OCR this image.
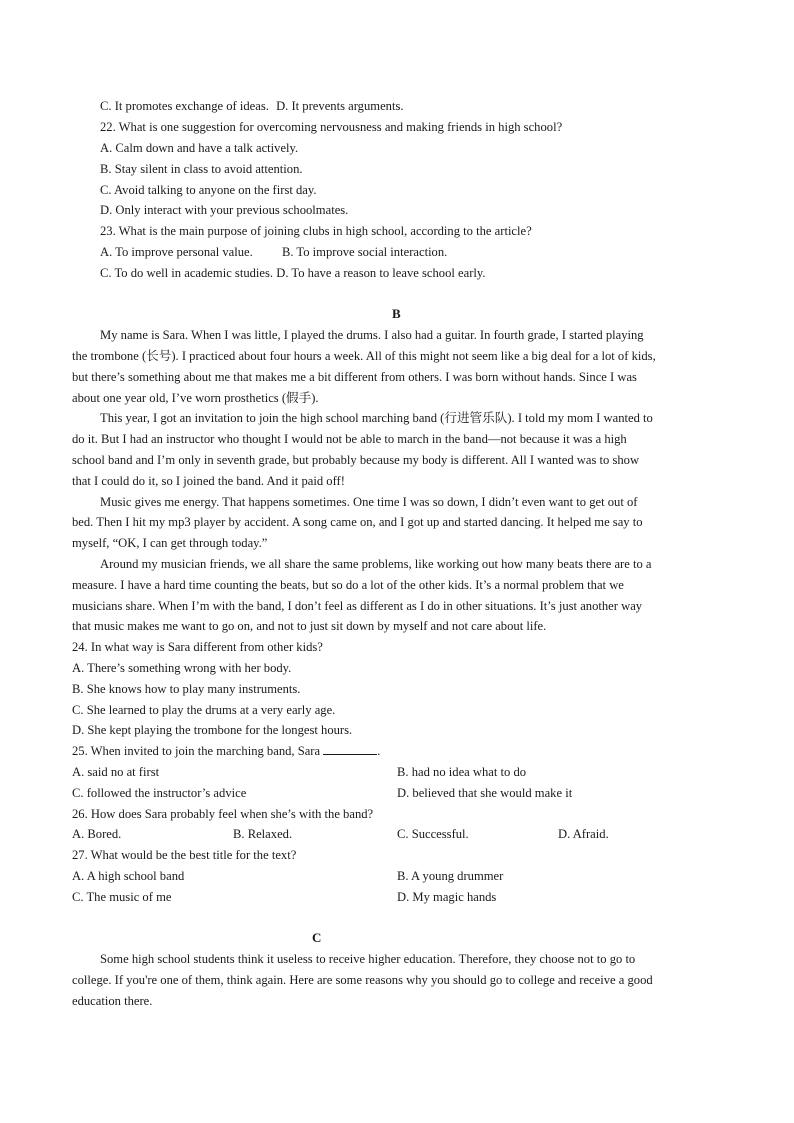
C. It promotes exchange of ideas. D. It prevents arguments.
22. What is one suggestion for overcoming nervousness and making friends in high school?
A. Calm down and have a talk actively.
B. Stay silent in class to avoid attention.
C. Avoid talking to anyone on the first day.
D. Only interact with your previous schoolmates.
23. What is the main purpose of joining clubs in high school, according to the article?
A. To improve personal value. B. To improve social interaction.
C. To do well in academic studies. D. To have a reason to leave school early.
B
My name is Sara. When I was little, I played the drums. I also had a guitar. In fourth grade, I started playing
the trombone (长号). I practiced about four hours a week. All of this might not seem like a big deal for a lot of kids,
but there’s something about me that makes me a bit different from others. I was born without hands. Since I was
about one year old, I’ve worn prosthetics (假手).
This year, I got an invitation to join the high school marching band (行进管乐队). I told my mom I wanted to
do it. But I had an instructor who thought I would not be able to march in the band—not because it was a high
school band and I’m only in seventh grade, but probably because my body is different. All I wanted was to show
that I could do it, so I joined the band. And it paid off!
Music gives me energy. That happens sometimes. One time I was so down, I didn’t even want to get out of
bed. Then I hit my mp3 player by accident. A song came on, and I got up and started dancing. It helped me say to
myself, “OK, I can get through today.”
Around my musician friends, we all share the same problems, like working out how many beats there are to a
measure. I have a hard time counting the beats, but so do a lot of the other kids. It’s a normal problem that we
musicians share. When I’m with the band, I don’t feel as different as I do in other situations. It’s just another way
that music makes me want to go on, and not to just sit down by myself and not care about life.
24. In what way is Sara different from other kids?
A. There’s something wrong with her body.
B. She knows how to play many instruments.
C. She learned to play the drums at a very early age.
D. She kept playing the trombone for the longest hours.
25. When invited to join the marching band, Sara	.
A. said no at first	B. had no idea what to do
C. followed the instructor’s advice	D. believed that she would make it
26. How does Sara probably feel when she’s with the band?
A. Bored.	B. Relaxed.	C. Successful.	D. Afraid.
27. What would be the best title for the text?
A. A high school band	B. A young drummer
C. The music of me	D. My magic hands
C
Some high school students think it useless to receive higher education. Therefore, they choose not to go to
college. If you're one of them, think again. Here are some reasons why you should go to college and receive a good
education there.
